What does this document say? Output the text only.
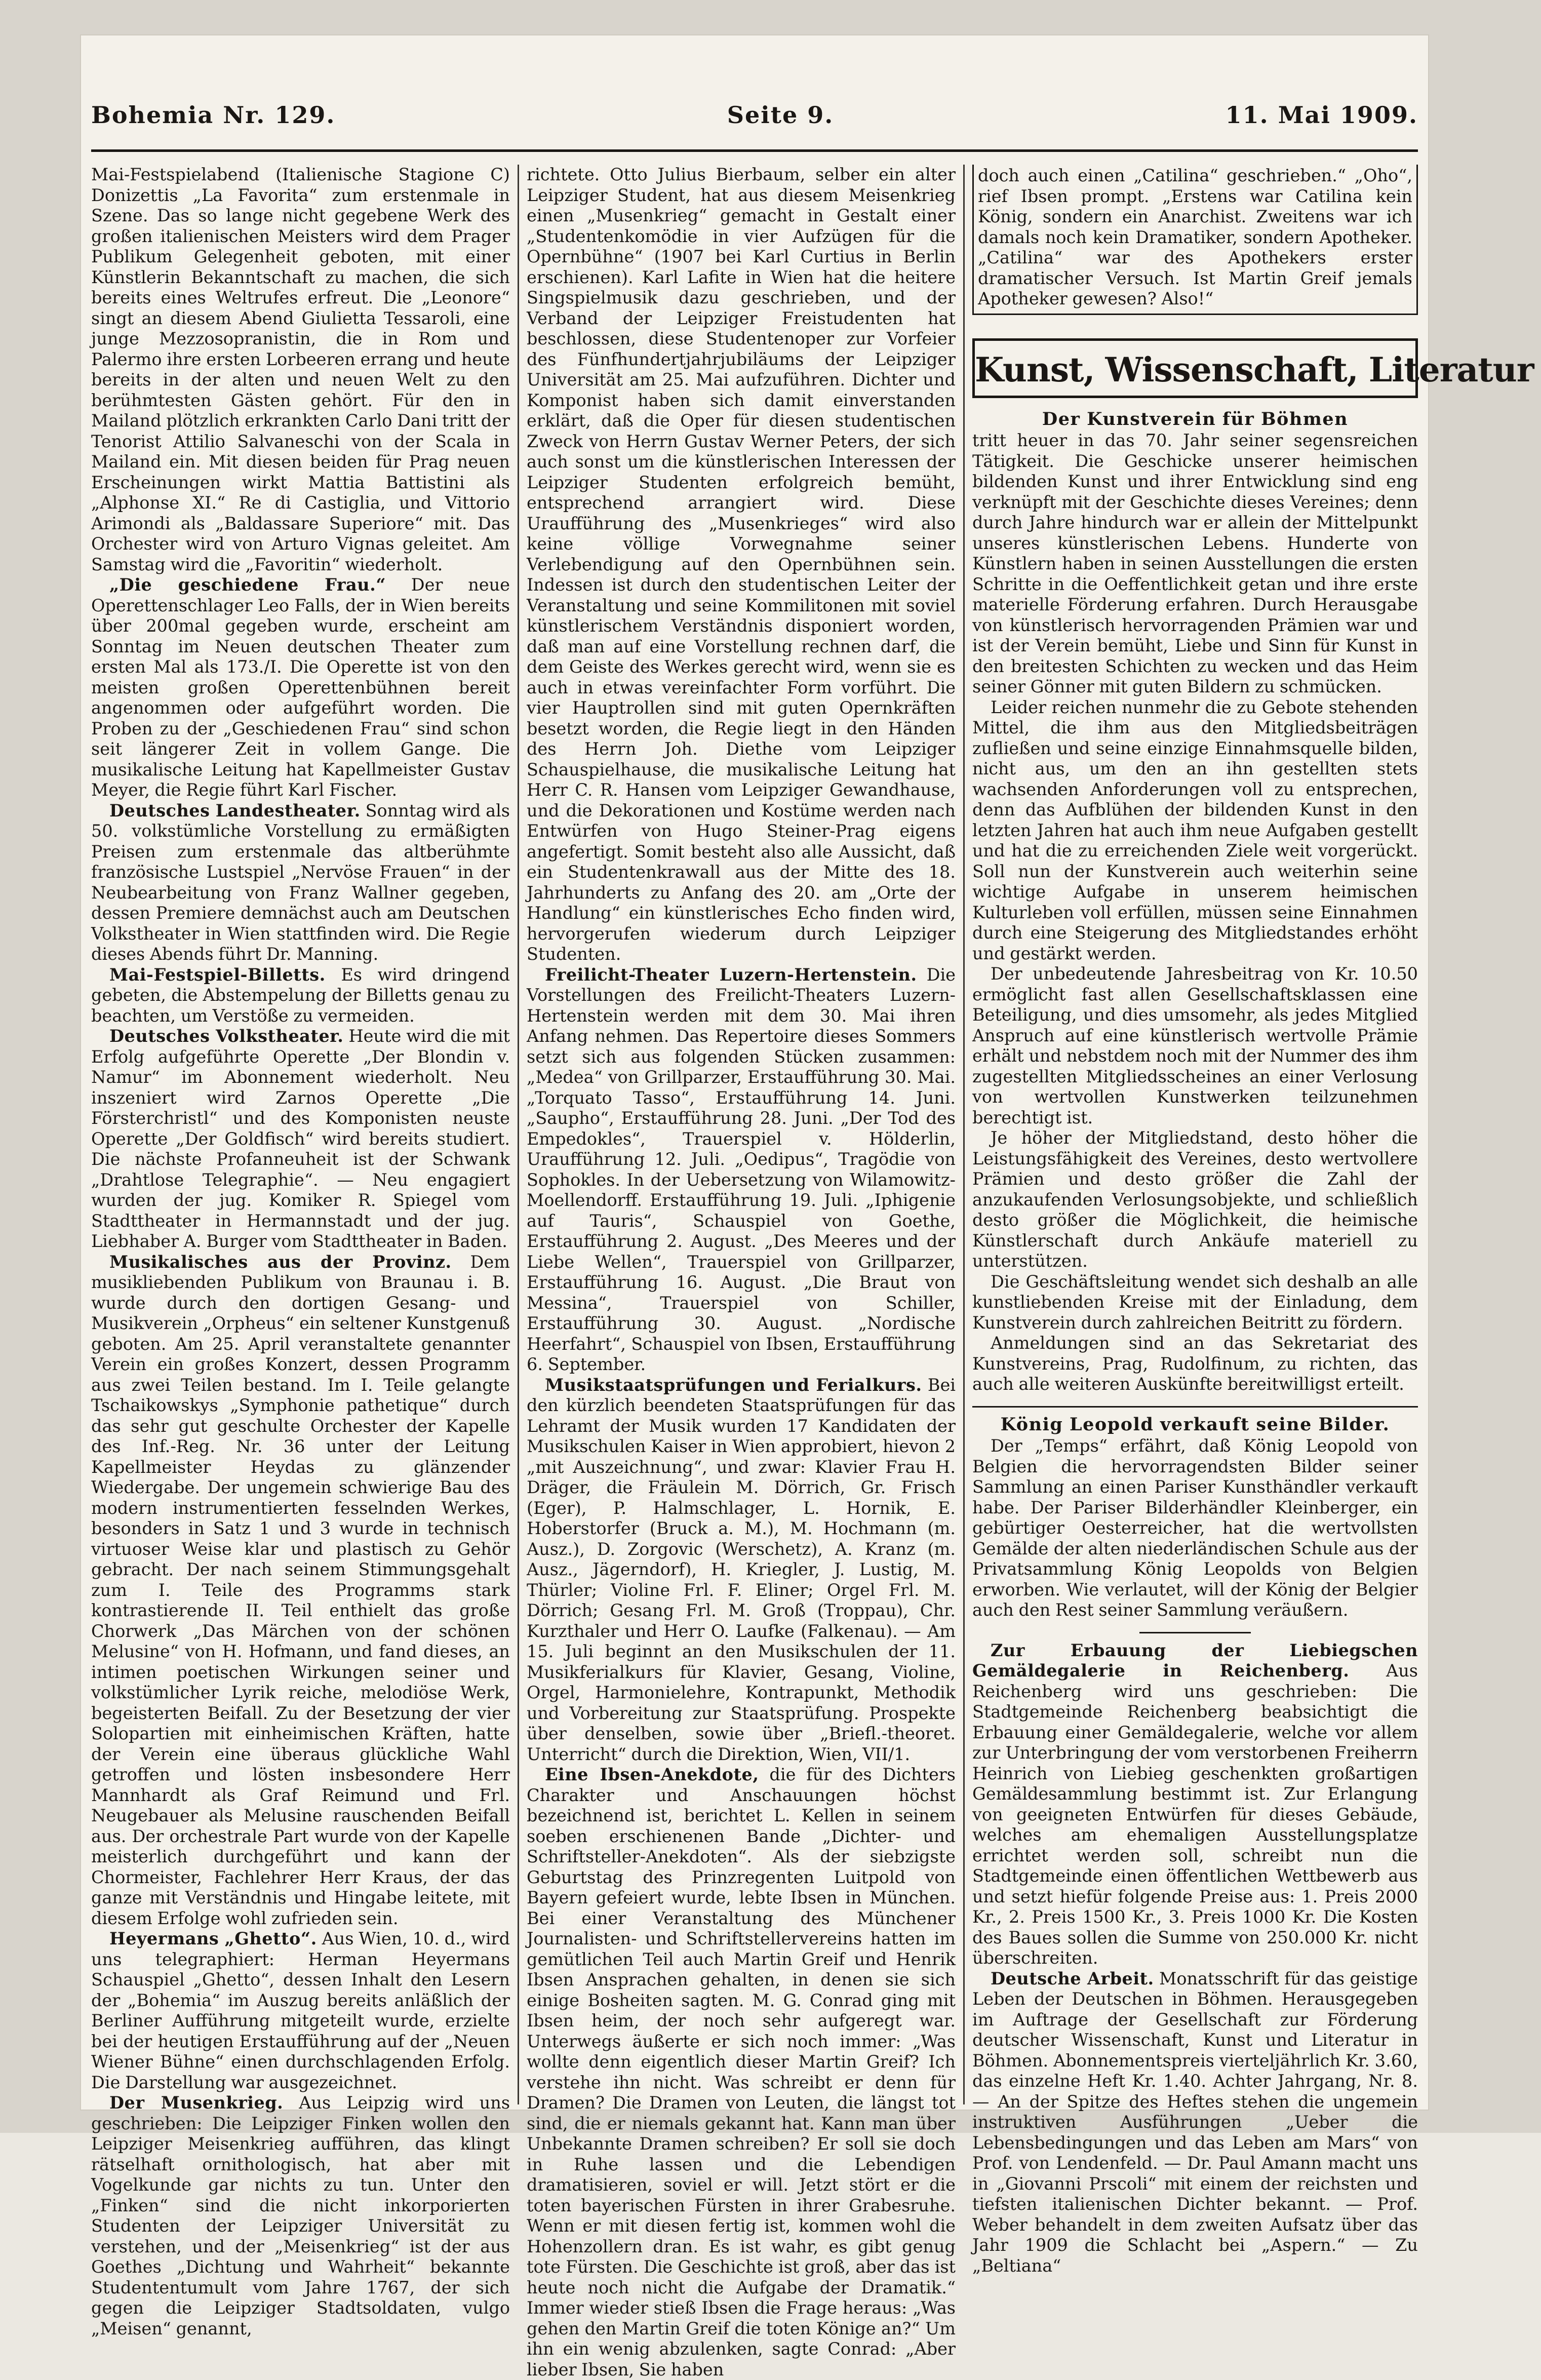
Bohemia Nr. 129.	Seite 9.	11. Mai 1909.

Mai-Festspielabend (Italienische Stagione C) Donizettis „La Favorita“ zum erstenmale in Szene. Das so lange nicht gegebene Werk des großen italienischen Meisters wird dem Prager Publikum Gelegenheit geboten, mit einer Künstlerin Bekanntschaft zu machen, die sich bereits eines Weltrufes erfreut. Die „Leonore“ singt an diesem Abend Giulietta Tessaroli, eine junge Mezzosopranistin, die in Rom und Palermo ihre ersten Lorbeeren errang und heute bereits in der alten und neuen Welt zu den berühmtesten Gästen gehört. Für den in Mailand plötzlich erkrankten Carlo Dani tritt der Tenorist Attilio Salvaneschi von der Scala in Mailand ein. Mit diesen beiden für Prag neuen Erscheinungen wirkt Mattia Battistini als „Alphonse XI.“ Re di Castiglia, und Vittorio Arimondi als „Baldassare Superiore“ mit. Das Orchester wird von Arturo Vignas geleitet. Am Samstag wird die „Favoritin“ wiederholt.

„Die geschiedene Frau.“ Der neue Operettenschlager Leo Falls, der in Wien bereits über 200mal gegeben wurde, erscheint am Sonntag im Neuen deutschen Theater zum ersten Mal als 173./I. Die Operette ist von den meisten großen Operettenbühnen bereit angenommen oder aufgeführt worden. Die Proben zu der „Geschiedenen Frau“ sind schon seit längerer Zeit in vollem Gange. Die musikalische Leitung hat Kapellmeister Gustav Meyer, die Regie führt Karl Fischer.

Deutsches Landestheater. Sonntag wird als 50. volkstümliche Vorstellung zu ermäßigten Preisen zum erstenmale das altberühmte französische Lustspiel „Nervöse Frauen“ in der Neubearbeitung von Franz Wallner gegeben, dessen Premiere demnächst auch am Deutschen Volkstheater in Wien stattfinden wird. Die Regie dieses Abends führt Dr. Manning.

Mai-Festspiel-Billetts. Es wird dringend gebeten, die Abstempelung der Billetts genau zu beachten, um Verstöße zu vermeiden.

Deutsches Volkstheater. Heute wird die mit Erfolg aufgeführte Operette „Der Blondin v. Namur“ im Abonnement wiederholt. Neu inszeniert wird Zarnos Operette „Die Försterchristl“ und des Komponisten neuste Operette „Der Goldfisch“ wird bereits studiert. Die nächste Profanneuheit ist der Schwank „Drahtlose Telegraphie“. — Neu engagiert wurden der jug. Komiker R. Spiegel vom Stadttheater in Hermannstadt und der jug. Liebhaber A. Burger vom Stadttheater in Baden.

Musikalisches aus der Provinz. Dem musikliebenden Publikum von Braunau i. B. wurde durch den dortigen Gesang- und Musikverein „Orpheus“ ein seltener Kunstgenuß geboten. Am 25. April veranstaltete genannter Verein ein großes Konzert, dessen Programm aus zwei Teilen bestand. Im I. Teile gelangte Tschaikowskys „Symphonie pathetique“ durch das sehr gut geschulte Orchester der Kapelle des Inf.-Reg. Nr. 36 unter der Leitung Kapellmeister Heydas zu glänzender Wiedergabe. Der ungemein schwierige Bau des modern instrumentierten fesselnden Werkes, besonders in Satz 1 und 3 wurde in technisch virtuoser Weise klar und plastisch zu Gehör gebracht. Der nach seinem Stimmungsgehalt zum I. Teile des Programms stark kontrastierende II. Teil enthielt das große Chorwerk „Das Märchen von der schönen Melusine“ von H. Hofmann, und fand dieses, an intimen poetischen Wirkungen seiner und volkstümlicher Lyrik reiche, melodiöse Werk, begeisterten Beifall. Zu der Besetzung der vier Solopartien mit einheimischen Kräften, hatte der Verein eine überaus glückliche Wahl getroffen und lösten insbesondere Herr Mannhardt als Graf Reimund und Frl. Neugebauer als Melusine rauschenden Beifall aus. Der orchestrale Part wurde von der Kapelle meisterlich durchgeführt und kann der Chormeister, Fachlehrer Herr Kraus, der das ganze mit Verständnis und Hingabe leitete, mit diesem Erfolge wohl zufrieden sein.

Heyermans „Ghetto“. Aus Wien, 10. d., wird uns telegraphiert: Herman Heyermans Schauspiel „Ghetto“, dessen Inhalt den Lesern der „Bohemia“ im Auszug bereits anläßlich der Berliner Aufführung mitgeteilt wurde, erzielte bei der heutigen Erstaufführung auf der „Neuen Wiener Bühne“ einen durchschlagenden Erfolg. Die Darstellung war ausgezeichnet.

Der Musenkrieg. Aus Leipzig wird uns geschrieben: Die Leipziger Finken wollen den Leipziger Meisenkrieg aufführen, das klingt rätselhaft ornithologisch, hat aber mit Vogelkunde gar nichts zu tun. Unter den „Finken“ sind die nicht inkorporierten Studenten der Leipziger Universität zu verstehen, und der „Meisenkrieg“ ist der aus Goethes „Dichtung und Wahrheit“ bekannte Studententumult vom Jahre 1767, der sich gegen die Leipziger Stadtsoldaten, vulgo „Meisen“ genannt,

richtete. Otto Julius Bierbaum, selber ein alter Leipziger Student, hat aus diesem Meisenkrieg einen „Musenkrieg“ gemacht in Gestalt einer „Studentenkomödie in vier Aufzügen für die Opernbühne“ (1907 bei Karl Curtius in Berlin erschienen). Karl Lafite in Wien hat die heitere Singspielmusik dazu geschrieben, und der Verband der Leipziger Freistudenten hat beschlossen, diese Studentenoper zur Vorfeier des Fünfhundertjahrjubiläums der Leipziger Universität am 25. Mai aufzuführen. Dichter und Komponist haben sich damit einverstanden erklärt, daß die Oper für diesen studentischen Zweck von Herrn Gustav Werner Peters, der sich auch sonst um die künstlerischen Interessen der Leipziger Studenten erfolgreich bemüht, entsprechend arrangiert wird. Diese Uraufführung des „Musenkrieges“ wird also keine völlige Vorwegnahme seiner Verlebendigung auf den Opernbühnen sein. Indessen ist durch den studentischen Leiter der Veranstaltung und seine Kommilitonen mit soviel künstlerischem Verständnis disponiert worden, daß man auf eine Vorstellung rechnen darf, die dem Geiste des Werkes gerecht wird, wenn sie es auch in etwas vereinfachter Form vorführt. Die vier Hauptrollen sind mit guten Opernkräften besetzt worden, die Regie liegt in den Händen des Herrn Joh. Diethe vom Leipziger Schauspielhause, die musikalische Leitung hat Herr C. R. Hansen vom Leipziger Gewandhause, und die Dekorationen und Kostüme werden nach Entwürfen von Hugo Steiner-Prag eigens angefertigt. Somit besteht also alle Aussicht, daß ein Studentenkrawall aus der Mitte des 18. Jahrhunderts zu Anfang des 20. am „Orte der Handlung“ ein künstlerisches Echo finden wird, hervorgerufen wiederum durch Leipziger Studenten.

Freilicht-Theater Luzern-Hertenstein. Die Vorstellungen des Freilicht-Theaters Luzern-Hertenstein werden mit dem 30. Mai ihren Anfang nehmen. Das Repertoire dieses Sommers setzt sich aus folgenden Stücken zusammen: „Medea“ von Grillparzer, Erstaufführung 30. Mai. „Torquato Tasso“, Erstaufführung 14. Juni. „Saupho“, Erstaufführung 28. Juni. „Der Tod des Empedokles“, Trauerspiel v. Hölderlin, Uraufführung 12. Juli. „Oedipus“, Tragödie von Sophokles. In der Uebersetzung von Wilamowitz-Moellendorff. Erstaufführung 19. Juli. „Iphigenie auf Tauris“, Schauspiel von Goethe, Erstaufführung 2. August. „Des Meeres und der Liebe Wellen“, Trauerspiel von Grillparzer, Erstaufführung 16. August. „Die Braut von Messina“, Trauerspiel von Schiller, Erstaufführung 30. August. „Nordische Heerfahrt“, Schauspiel von Ibsen, Erstaufführung 6. September.

Musikstaatsprüfungen und Ferialkurs. Bei den kürzlich beendeten Staatsprüfungen für das Lehramt der Musik wurden 17 Kandidaten der Musikschulen Kaiser in Wien approbiert, hievon 2 „mit Auszeichnung“, und zwar: Klavier Frau H. Dräger, die Fräulein M. Dörrich, Gr. Frisch (Eger), P. Halmschlager, L. Hornik, E. Hoberstorfer (Bruck a. M.), M. Hochmann (m. Ausz.), D. Zorgovic (Werschetz), A. Kranz (m. Ausz., Jägerndorf), H. Kriegler, J. Lustig, M. Thürler; Violine Frl. F. Eliner; Orgel Frl. M. Dörrich; Gesang Frl. M. Groß (Troppau), Chr. Kurzthaler und Herr O. Laufke (Falkenau). — Am 15. Juli beginnt an den Musikschulen der 11. Musikferialkurs für Klavier, Gesang, Violine, Orgel, Harmonielehre, Kontrapunkt, Methodik und Vorbereitung zur Staatsprüfung. Prospekte über denselben, sowie über „Briefl.-theoret. Unterricht“ durch die Direktion, Wien, VII/1.

Eine Ibsen-Anekdote, die für des Dichters Charakter und Anschauungen höchst bezeichnend ist, berichtet L. Kellen in seinem soeben erschienenen Bande „Dichter- und Schriftsteller-Anekdoten“. Als der siebzigste Geburtstag des Prinzregenten Luitpold von Bayern gefeiert wurde, lebte Ibsen in München. Bei einer Veranstaltung des Münchener Journalisten- und Schriftstellervereins hatten im gemütlichen Teil auch Martin Greif und Henrik Ibsen Ansprachen gehalten, in denen sie sich einige Bosheiten sagten. M. G. Conrad ging mit Ibsen heim, der noch sehr aufgeregt war. Unterwegs äußerte er sich noch immer: „Was wollte denn eigentlich dieser Martin Greif? Ich verstehe ihn nicht. Was schreibt er denn für Dramen? Die Dramen von Leuten, die längst tot sind, die er niemals gekannt hat. Kann man über Unbekannte Dramen schreiben? Er soll sie doch in Ruhe lassen und die Lebendigen dramatisieren, soviel er will. Jetzt stört er die toten bayerischen Fürsten in ihrer Grabesruhe. Wenn er mit diesen fertig ist, kommen wohl die Hohenzollern dran. Es ist wahr, es gibt genug tote Fürsten. Die Geschichte ist groß, aber das ist heute noch nicht die Aufgabe der Dramatik.“ Immer wieder stieß Ibsen die Frage heraus: „Was gehen den Martin Greif die toten Könige an?“ Um ihn ein wenig abzulenken, sagte Conrad: „Aber lieber Ibsen, Sie haben

doch auch einen „Catilina“ geschrieben.“ „Oho“, rief Ibsen prompt. „Erstens war Catilina kein König, sondern ein Anarchist. Zweitens war ich damals noch kein Dramatiker, sondern Apotheker. „Catilina“ war des Apothekers erster dramatischer Versuch. Ist Martin Greif jemals Apotheker gewesen? Also!“
Kunst, Wissenschaft, Literatur
Der Kunstverein für Böhmen

tritt heuer in das 70. Jahr seiner segensreichen Tätigkeit. Die Geschicke unserer heimischen bildenden Kunst und ihrer Entwicklung sind eng verknüpft mit der Geschichte dieses Vereines; denn durch Jahre hindurch war er allein der Mittelpunkt unseres künstlerischen Lebens. Hunderte von Künstlern haben in seinen Ausstellungen die ersten Schritte in die Oeffentlichkeit getan und ihre erste materielle Förderung erfahren. Durch Herausgabe von künstlerisch hervorragenden Prämien war und ist der Verein bemüht, Liebe und Sinn für Kunst in den breitesten Schichten zu wecken und das Heim seiner Gönner mit guten Bildern zu schmücken.

Leider reichen nunmehr die zu Gebote stehenden Mittel, die ihm aus den Mitgliedsbeiträgen zufließen und seine einzige Einnahmsquelle bilden, nicht aus, um den an ihn gestellten stets wachsenden Anforderungen voll zu entsprechen, denn das Aufblühen der bildenden Kunst in den letzten Jahren hat auch ihm neue Aufgaben gestellt und hat die zu erreichenden Ziele weit vorgerückt. Soll nun der Kunstverein auch weiterhin seine wichtige Aufgabe in unserem heimischen Kulturleben voll erfüllen, müssen seine Einnahmen durch eine Steigerung des Mitgliedstandes erhöht und gestärkt werden.

Der unbedeutende Jahresbeitrag von Kr. 10.50 ermöglicht fast allen Gesellschaftsklassen eine Beteiligung, und dies umsomehr, als jedes Mitglied Anspruch auf eine künstlerisch wertvolle Prämie erhält und nebstdem noch mit der Nummer des ihm zugestellten Mitgliedsscheines an einer Verlosung von wertvollen Kunstwerken teilzunehmen berechtigt ist.

Je höher der Mitgliedstand, desto höher die Leistungsfähigkeit des Vereines, desto wertvollere Prämien und desto größer die Zahl der anzukaufenden Verlosungsobjekte, und schließlich desto größer die Möglichkeit, die heimische Künstlerschaft durch Ankäufe materiell zu unterstützen.

Die Geschäftsleitung wendet sich deshalb an alle kunstliebenden Kreise mit der Einladung, dem Kunstverein durch zahlreichen Beitritt zu fördern.

Anmeldungen sind an das Sekretariat des Kunstvereins, Prag, Rudolfinum, zu richten, das auch alle weiteren Auskünfte bereitwilligst erteilt.

König Leopold verkauft seine Bilder.

Der „Temps“ erfährt, daß König Leopold von Belgien die hervorragendsten Bilder seiner Sammlung an einen Pariser Kunsthändler verkauft habe. Der Pariser Bilderhändler Kleinberger, ein gebürtiger Oesterreicher, hat die wertvollsten Gemälde der alten niederländischen Schule aus der Privatsammlung König Leopolds von Belgien erworben. Wie verlautet, will der König der Belgier auch den Rest seiner Sammlung veräußern.

Zur Erbauung der Liebiegschen Gemäldegalerie in Reichenberg. Aus Reichenberg wird uns geschrieben: Die Stadtgemeinde Reichenberg beabsichtigt die Erbauung einer Gemäldegalerie, welche vor allem zur Unterbringung der vom verstorbenen Freiherrn Heinrich von Liebieg geschenkten großartigen Gemäldesammlung bestimmt ist. Zur Erlangung von geeigneten Entwürfen für dieses Gebäude, welches am ehemaligen Ausstellungsplatze errichtet werden soll, schreibt nun die Stadtgemeinde einen öffentlichen Wettbewerb aus und setzt hiefür folgende Preise aus: 1. Preis 2000 Kr., 2. Preis 1500 Kr., 3. Preis 1000 Kr. Die Kosten des Baues sollen die Summe von 250.000 Kr. nicht überschreiten.

Deutsche Arbeit. Monatsschrift für das geistige Leben der Deutschen in Böhmen. Herausgegeben im Auftrage der Gesellschaft zur Förderung deutscher Wissenschaft, Kunst und Literatur in Böhmen. Abonnementspreis vierteljährlich Kr. 3.60, das einzelne Heft Kr. 1.40. Achter Jahrgang, Nr. 8. — An der Spitze des Heftes stehen die ungemein instruktiven Ausführungen „Ueber die Lebensbedingungen und das Leben am Mars“ von Prof. von Lendenfeld. — Dr. Paul Amann macht uns in „Giovanni Prscoli“ mit einem der reichsten und tiefsten italienischen Dichter bekannt. — Prof. Weber behandelt in dem zweiten Aufsatz über das Jahr 1909 die Schlacht bei „Aspern.“ — Zu „Beltiana“
